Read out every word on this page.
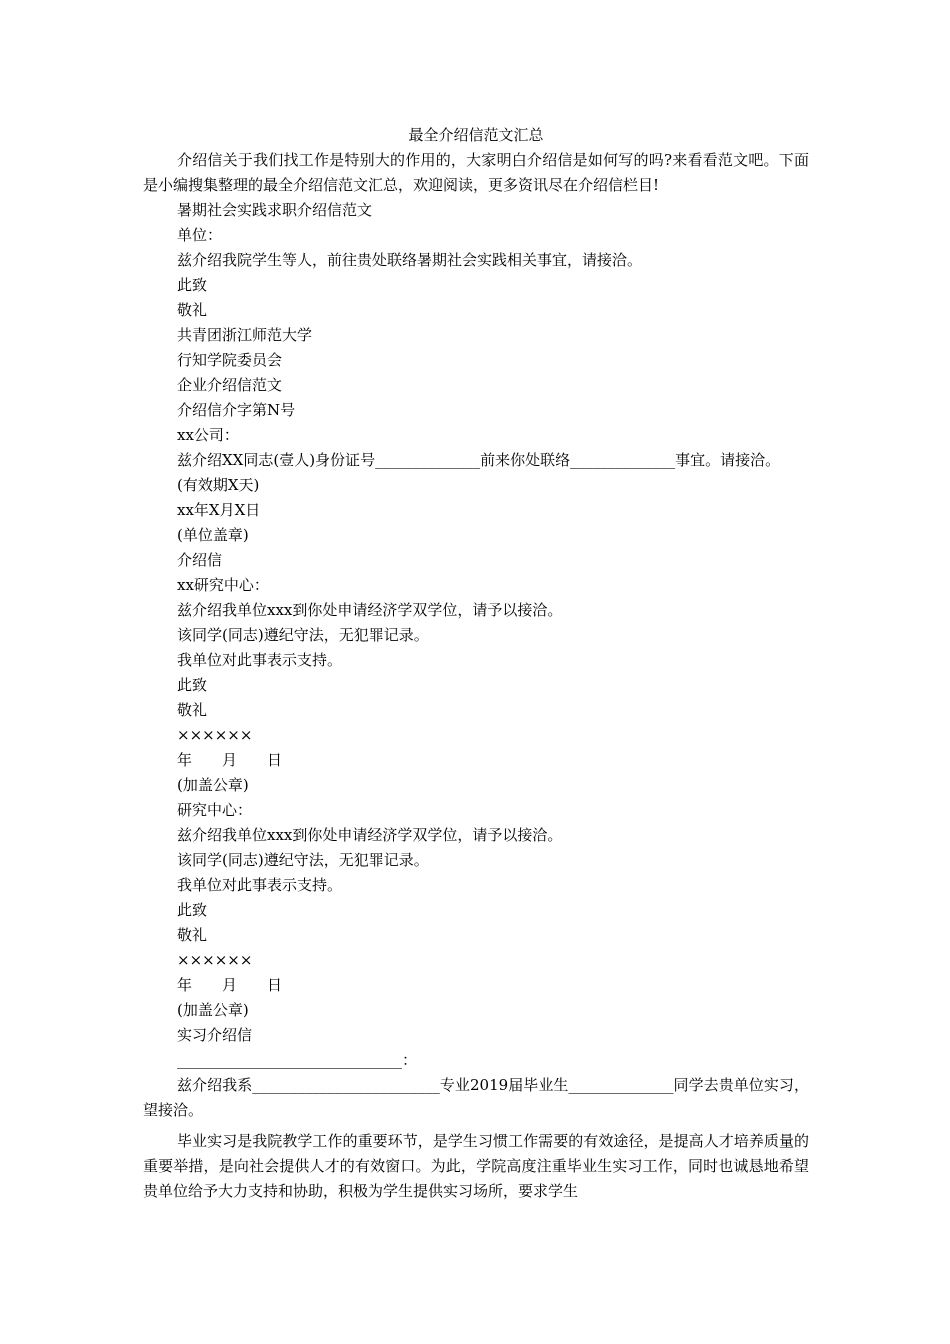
最全介绍信范文汇总
介绍信关于我们找工作是特别大的作用的，大家明白介绍信是如何写的吗?来看看范文吧。下面是小编搜集整理的最全介绍信范文汇总，欢迎阅读，更多资讯尽在介绍信栏目!
暑期社会实践求职介绍信范文
单位：
兹介绍我院学生等人，前往贵处联络暑期社会实践相关事宜，请接洽。
此致
敬礼
共青团浙江师范大学
行知学院委员会
企业介绍信范文
介绍信介字第N号
xx公司：
兹介绍XX同志(壹人)身份证号______________前来你处联络______________事宜。请接洽。
(有效期X天)
xx年X月X日
(单位盖章)
介绍信
xx研究中心：
兹介绍我单位xxx到你处申请经济学双学位，请予以接洽。
该同学(同志)遵纪守法，无犯罪记录。
我单位对此事表示支持。
此致
敬礼
××××××
年　　月　　日
(加盖公章)
研究中心：
兹介绍我单位xxx到你处申请经济学双学位，请予以接洽。
该同学(同志)遵纪守法，无犯罪记录。
我单位对此事表示支持。
此致
敬礼
××××××
年　　月　　日
(加盖公章)
实习介绍信
______________________________：
兹介绍我系_________________________专业2019届毕业生______________同学去贵单位实习，望接洽。
毕业实习是我院教学工作的重要环节，是学生习惯工作需要的有效途径，是提高人才培养质量的重要举措，是向社会提供人才的有效窗口。为此，学院高度注重毕业生实习工作，同时也诚恳地希望贵单位给予大力支持和协助，积极为学生提供实习场所，要求学生
